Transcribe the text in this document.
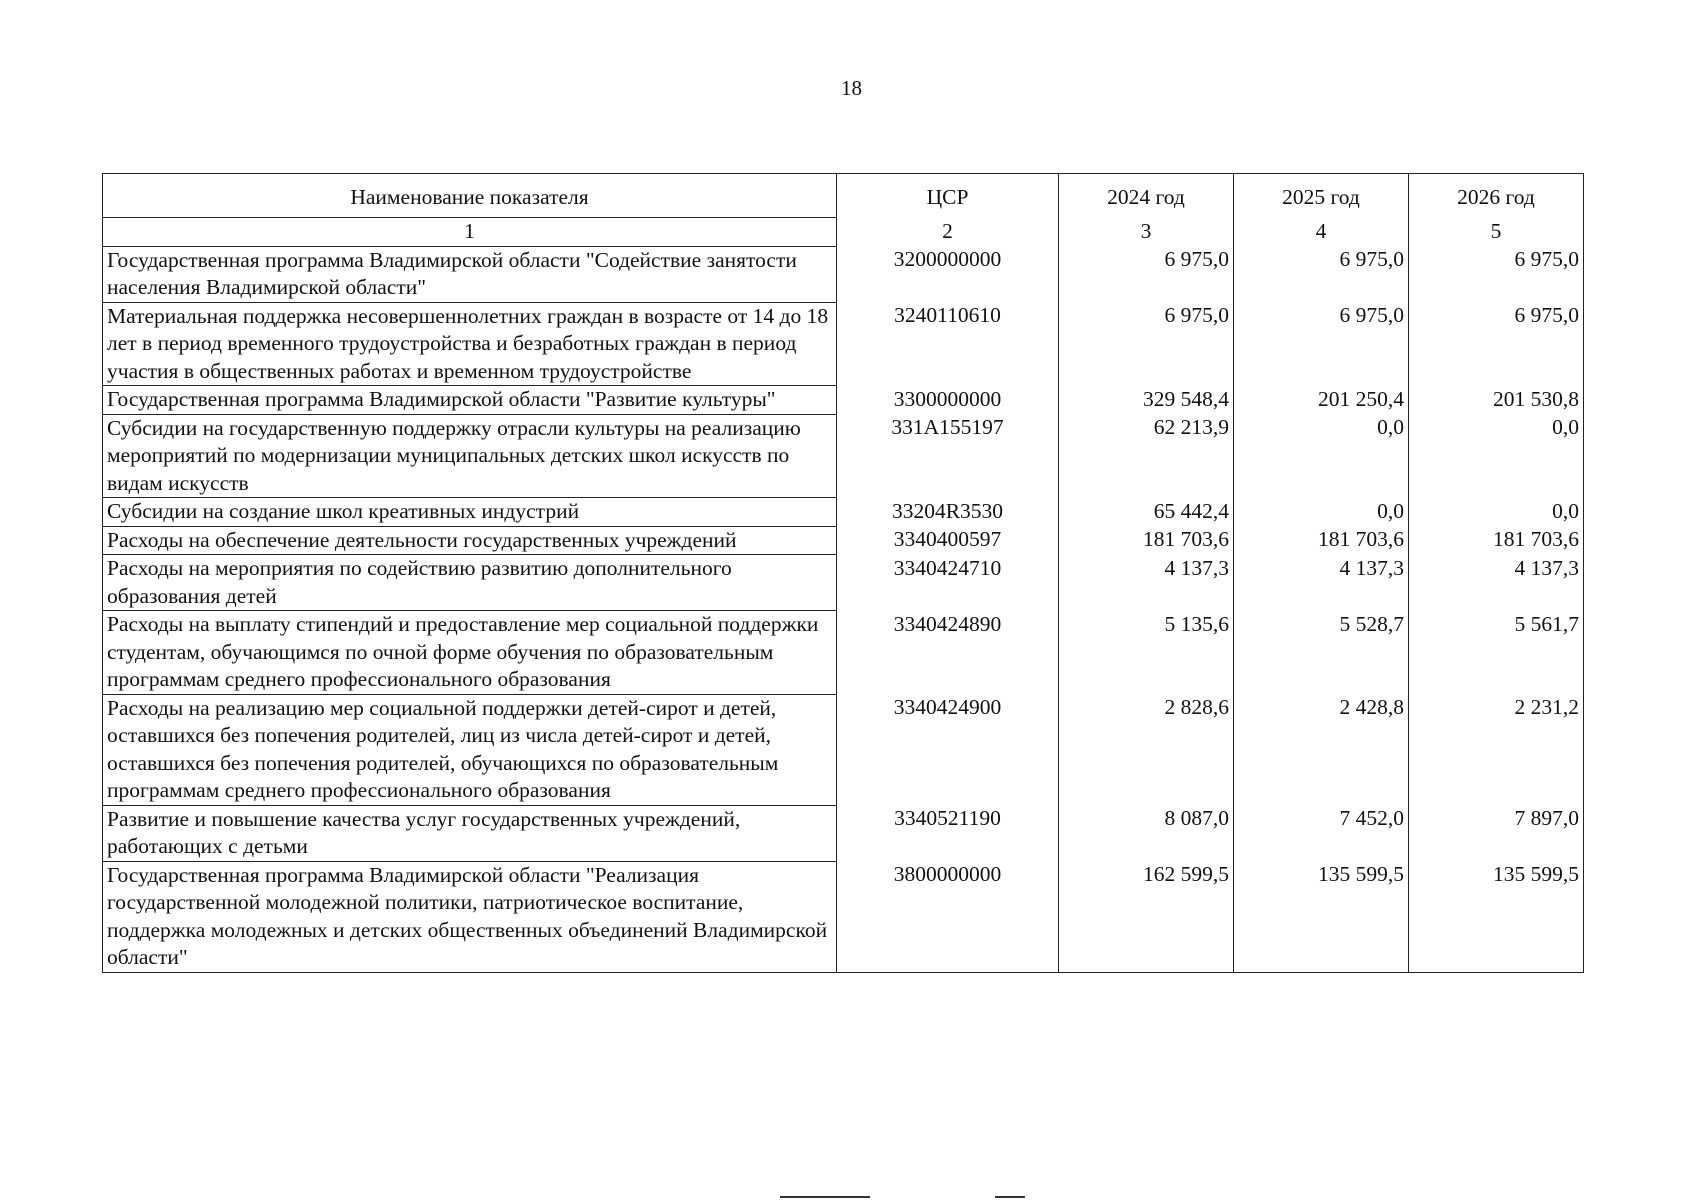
18
Наименование показателя	ЦСР	2024 год	2025 год	2026 год
1	2	3	4	5
Государственная программа Владимирской области "Содействие занятости населения Владимирской области"	3200000000	6 975,0	6 975,0	6 975,0
Материальная поддержка несовершеннолетних граждан в возрасте от 14 до 18 лет в период временного трудоустройства и безработных граждан в период участия в общественных работах и временном трудоустройстве	3240110610	6 975,0	6 975,0	6 975,0
Государственная программа Владимирской области "Развитие культуры"	3300000000	329 548,4	201 250,4	201 530,8
Субсидии на государственную поддержку отрасли культуры на реализацию мероприятий по модернизации муниципальных детских школ искусств по видам искусств	331А155197	62 213,9	0,0	0,0
Субсидии на создание школ креативных индустрий	33204R3530	65 442,4	0,0	0,0
Расходы на обеспечение деятельности государственных учреждений	3340400597	181 703,6	181 703,6	181 703,6
Расходы на мероприятия по содействию развитию дополнительного образования детей	3340424710	4 137,3	4 137,3	4 137,3
Расходы на выплату стипендий и предоставление мер социальной поддержки студентам, обучающимся по очной форме обучения по образовательным программам среднего профессионального образования	3340424890	5 135,6	5 528,7	5 561,7
Расходы на реализацию мер социальной поддержки детей-сирот и детей, оставшихся без попечения родителей, лиц из числа детей-сирот и детей, оставшихся без попечения родителей, обучающихся по образовательным программам среднего профессионального образования	3340424900	2 828,6	2 428,8	2 231,2
Развитие и повышение качества услуг государственных учреждений, работающих с детьми	3340521190	8 087,0	7 452,0	7 897,0
Государственная программа Владимирской области "Реализация государственной молодежной политики, патриотическое воспитание, поддержка молодежных и детских общественных объединений Владимирской области"	3800000000	162 599,5	135 599,5	135 599,5
